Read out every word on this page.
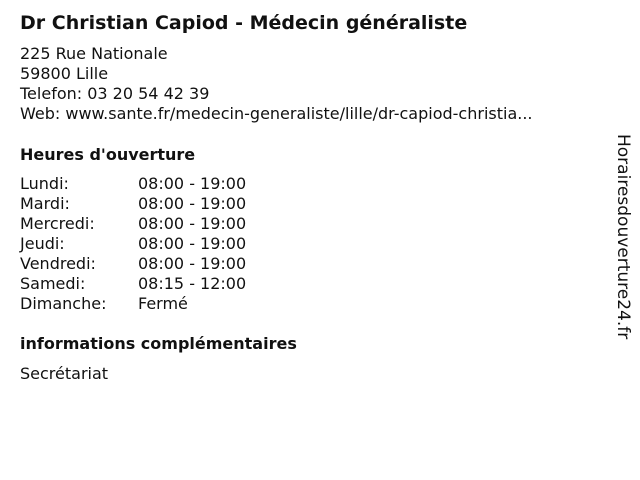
Dr Christian Capiod - Médecin généraliste
225 Rue Nationale
59800 Lille
Telefon: 03 20 54 42 39
Web: www.sante.fr/medecin-generaliste/lille/dr-capiod-christia...
Heures d'ouverture
Lundi:	08:00 - 19:00
Mardi:	08:00 - 19:00
Mercredi:	08:00 - 19:00
Jeudi:	08:00 - 19:00
Vendredi:	08:00 - 19:00
Samedi:	08:15 - 12:00
Dimanche:	Fermé
informations complémentaires
Secrétariat
Horairesdouverture24.fr
